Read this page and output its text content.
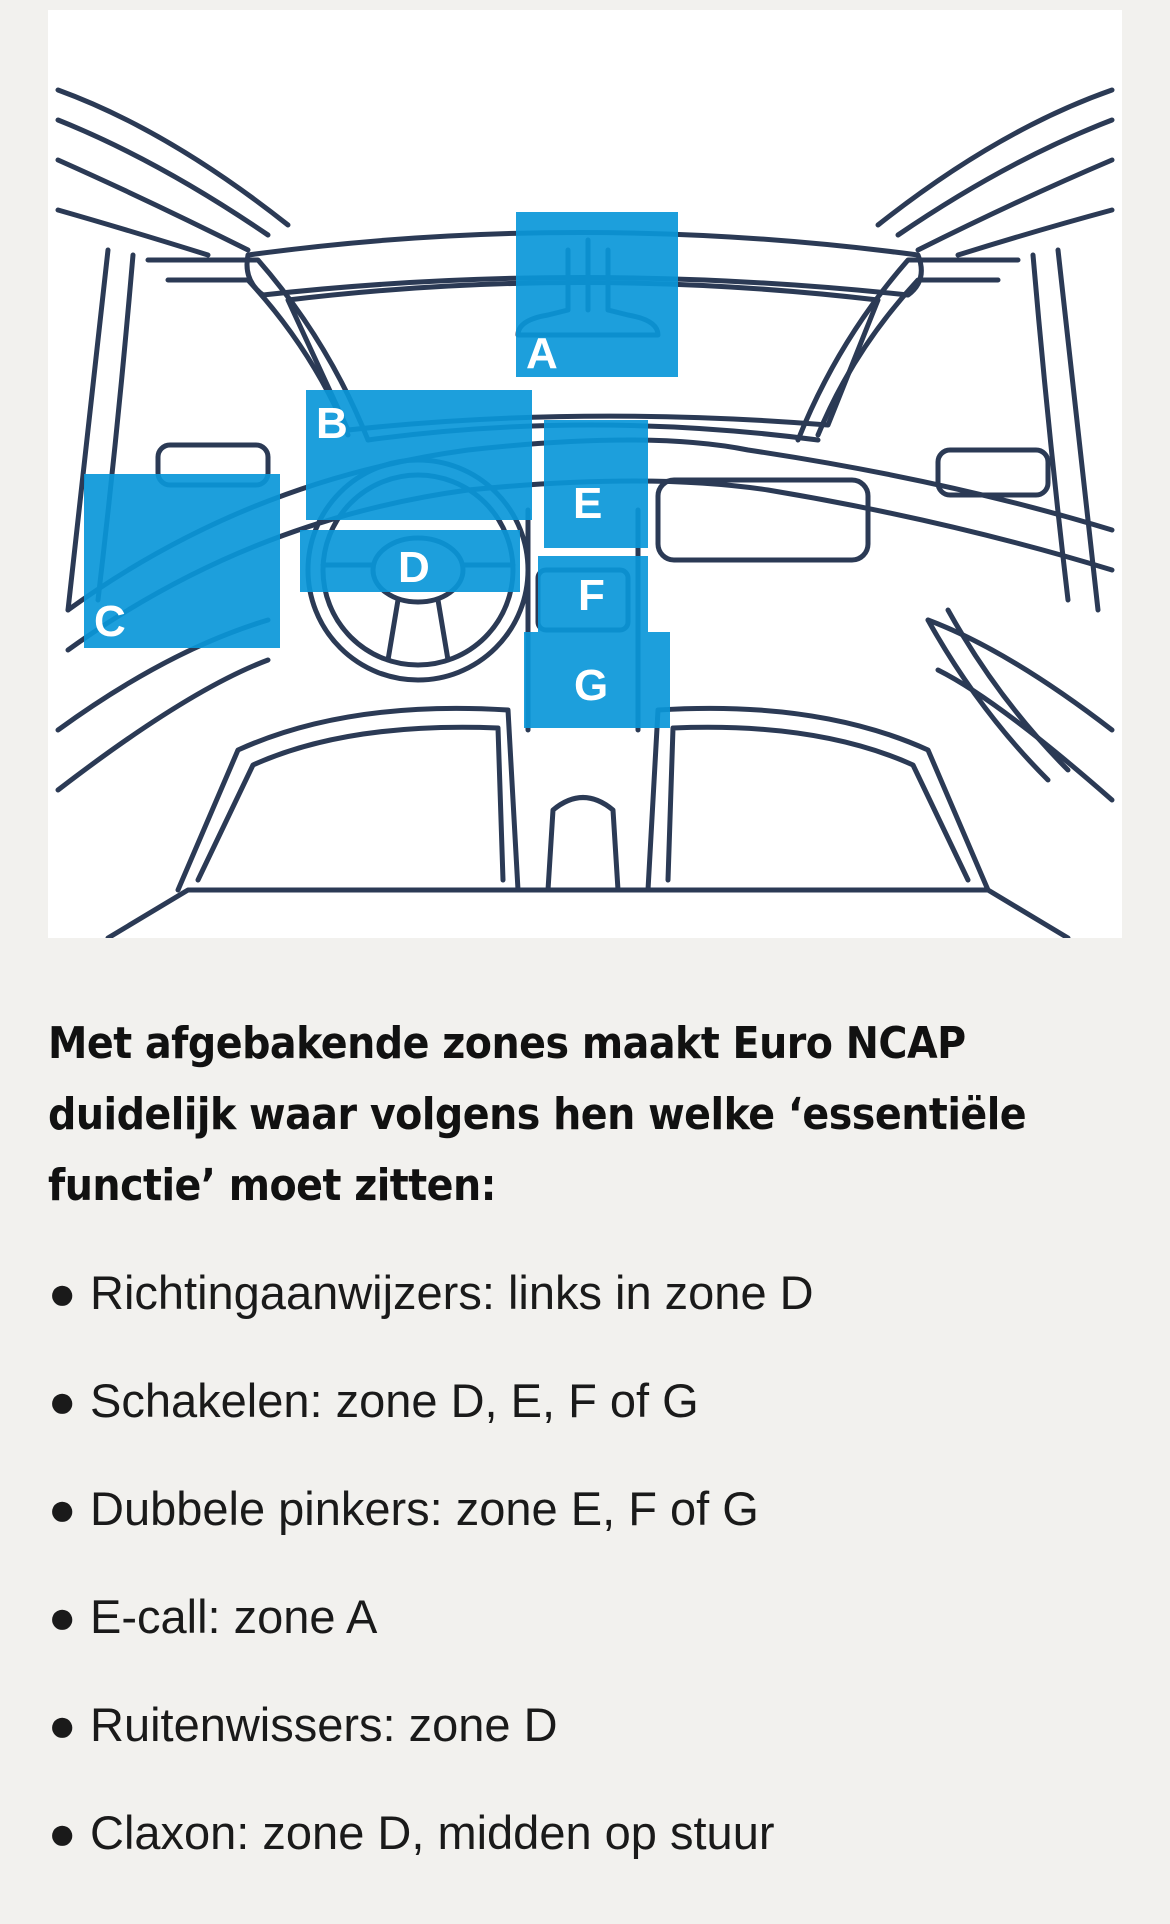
A
B
C
D
E
F
G

Met afgebakende zones maakt Euro NCAP duidelijk waar volgens hen welke ‘essentiële functie’ moet zitten:

● Richtingaanwijzers: links in zone D
● Schakelen: zone D, E, F of G
● Dubbele pinkers: zone E, F of G
● E-call: zone A
● Ruitenwissers: zone D
● Claxon: zone D, midden op stuur
